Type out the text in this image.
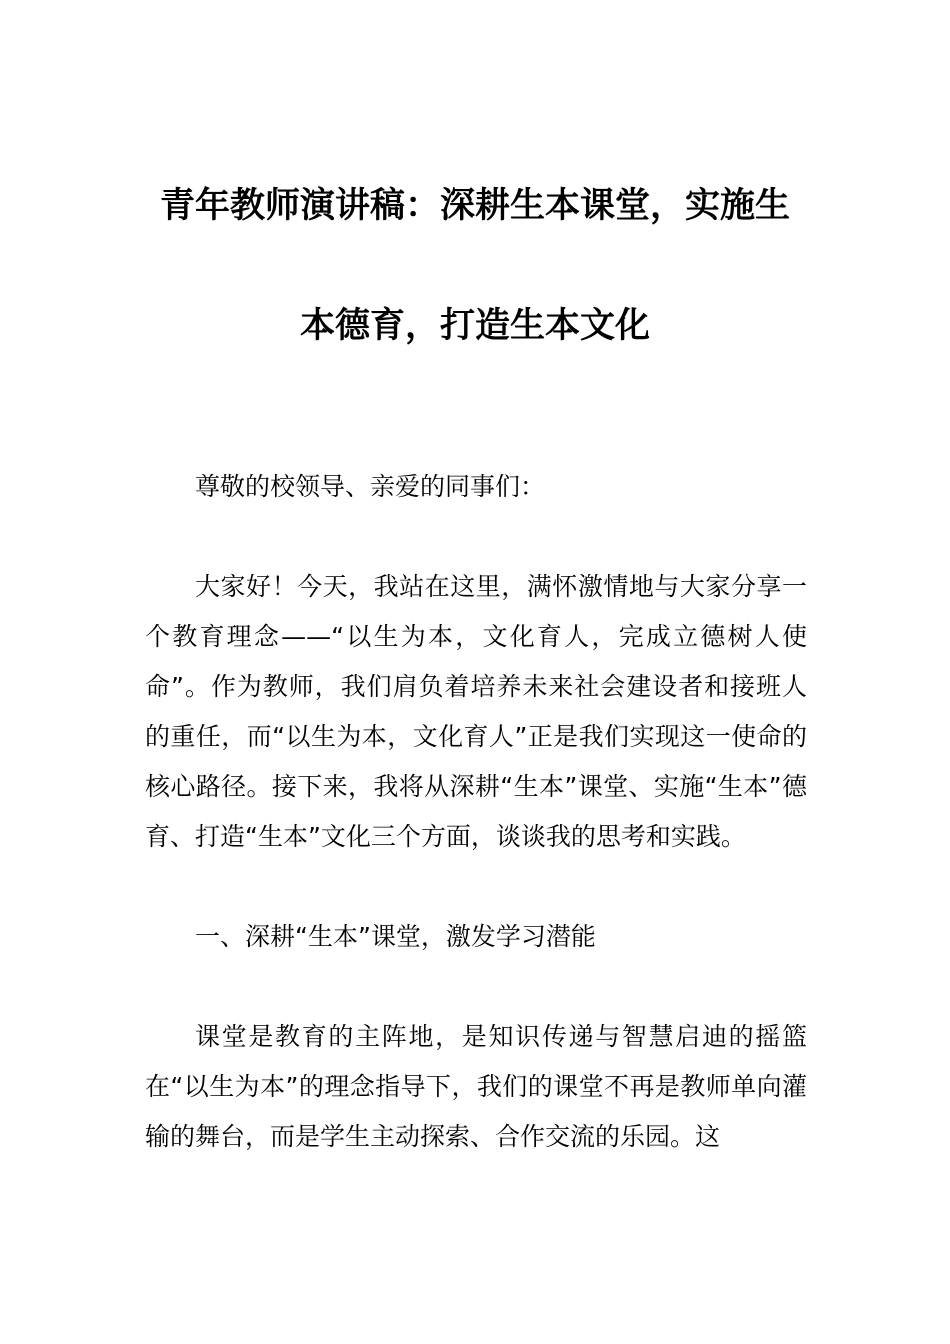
青年教师演讲稿：深耕生本课堂，实施生
本德育，打造生本文化

尊敬的校领导、亲爱的同事们：

大家好！今天，我站在这里，满怀激情地与大家分享一个教育理念——“以生为本，文化育人，完成立德树人使命”。作为教师，我们肩负着培养未来社会建设者和接班人的重任，而“以生为本，文化育人”正是我们实现这一使命的核心路径。接下来，我将从深耕“生本”课堂、实施“生本”德育、打造“生本”文化三个方面，谈谈我的思考和实践。

一、深耕“生本”课堂，激发学习潜能

课堂是教育的主阵地，是知识传递与智慧启迪的摇篮在“以生为本”的理念指导下，我们的课堂不再是教师单向灌输的舞台，而是学生主动探索、合作交流的乐园。这
